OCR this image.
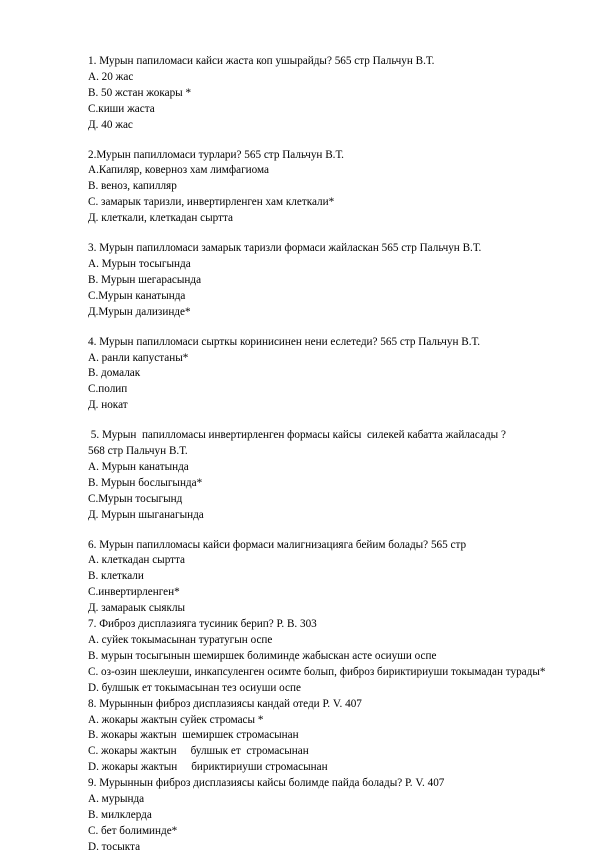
1. Мурын папиломаси кайси жаста коп ушырайды? 565 стр Пальчун В.Т.
А. 20 жас
В. 50 жстан жокары *
С.киши жаста
Д. 40 жас
2.Мурын папилломаси турлари? 565 стр Пальчун В.Т.
А.Капиляр, коверноз хам лимфагиома
В. веноз, капилляр
С. замарык таризли, инвертирленген хам клеткали*
Д. клеткали, клеткадан сыртта
3. Мурын папилломаси замарык таризли формаси жайласкан 565 стр Пальчун В.Т.
А. Мурын тосыгында
В. Мурын шегарасында
С.Мурын канатында
Д.Мурын дализинде*
4. Мурын папилломаси сырткы коринисинен нени еслетеди? 565 стр Пальчун В.Т.
А. ранли капустаны*
В. домалак
С.полип
Д. нокат
5. Мурын  папилломасы инвертирленген формасы кайсы  силекей кабатта жайласады ?
568 стр Пальчун В.Т.
А. Мурын канатында
В. Мурын бослыгында*
С.Мурын тосыгынд
Д. Мурын шыганагында
6. Мурын папилломасы кайси формаси малигнизацияга бейим болады? 565 стр
А. клеткадан сыртта
В. клеткали
С.инвертирленген*
Д. замараык сыяклы
7. Фиброз дисплазияга тусиник берип? Р. В. 303
А. суйек токымасынан туратугын оспе
В. мурын тосыгынын шемиршек болиминде жабыскан асте осиуши оспе
C. оз-озин шеклеуши, инкапсуленген осимте болып, фиброз бириктириуши токымадан турады*
D. булшык ет токымасынан тез осиуши оспе
8. Мурыннын фиброз дисплазиясы кандай отеди Р. V. 407
А. жокары жактын суйек стромасы *
В. жокары жактын  шемиршек стромасынан
С. жокары жактын     булшык ет  стромасынан
D. жокары жактын     бириктириуши стромасынан
9. Мурыннын фиброз дисплазиясы кайсы болимде пайда болады? Р. V. 407
А. мурында
В. милклерда
С. бет болиминде*
D. тосыкта
